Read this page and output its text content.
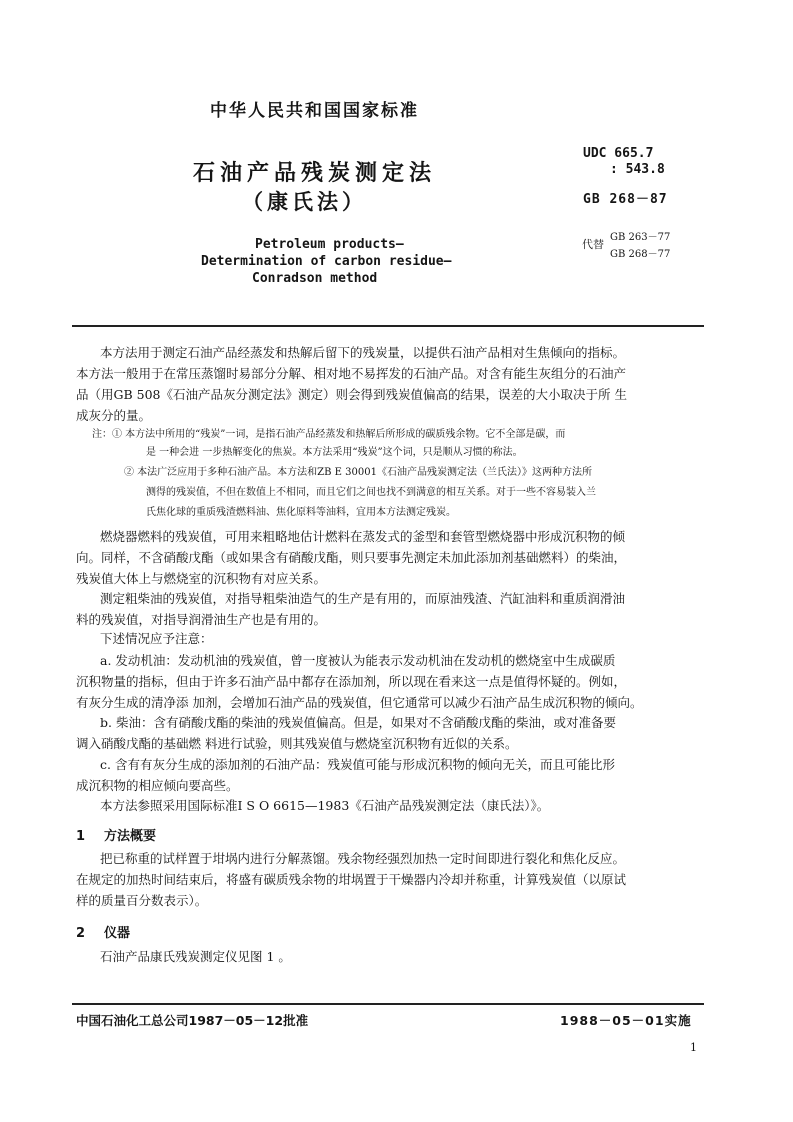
中华人民共和国国家标准
石油产品残炭测定法
（康氏法）
UDC 665.7
: 543.8
GB 268－87
Petroleum products—
Determination of carbon residue—
Conradson method
代替
GB 263－77
GB 268－77
本方法用于测定石油产品经蒸发和热解后留下的残炭量，以提供石油产品相对生焦倾向的指标。
本方法一般用于在常压蒸馏时易部分分解、相对地不易挥发的石油产品。对含有能生灰组分的石油产
品（用GB 508《石油产品灰分测定法》测定）则会得到残炭值偏高的结果，误差的大小取决于所 生
成灰分的量。
注：① 本方法中所用的“残炭”一词，是指石油产品经蒸发和热解后所形成的碳质残余物。它不全部是碳，而
是 一种会进 一步热解变化的焦炭。本方法采用“残炭”这个词，只是顺从习惯的称法。
② 本法广泛应用于多种石油产品。本方法和ZB E 30001《石油产品残炭测定法（兰氏法）》这两种方法所
测得的残炭值，不但在数值上不相同，而且它们之间也找不到满意的相互关系。对于一些不容易装入兰
氏焦化球的重质残渣燃料油、焦化原料等油料，宜用本方法测定残炭。
燃烧器燃料的残炭值，可用来粗略地估计燃料在蒸发式的釜型和套管型燃烧器中形成沉积物的倾
向。同样，不含硝酸戊酯（或如果含有硝酸戊酯，则只要事先测定未加此添加剂基础燃料）的柴油，
残炭值大体上与燃烧室的沉积物有对应关系。
测定粗柴油的残炭值，对指导粗柴油造气的生产是有用的，而原油残渣、汽缸油料和重质润滑油
料的残炭值，对指导润滑油生产也是有用的。
下述情况应予注意：
a. 发动机油：发动机油的残炭值，曾一度被认为能表示发动机油在发动机的燃烧室中生成碳质
沉积物量的指标，但由于许多石油产品中都存在添加剂，所以现在看来这一点是值得怀疑的。例如，
有灰分生成的清净添 加剂，会增加石油产品的残炭值，但它通常可以减少石油产品生成沉积物的倾向。
b. 柴油：含有硝酸戊酯的柴油的残炭值偏高。但是，如果对不含硝酸戊酯的柴油，或对准备要
调入硝酸戊酯的基础燃 料进行试验，则其残炭值与燃烧室沉积物有近似的关系。
c. 含有有灰分生成的添加剂的石油产品：残炭值可能与形成沉积物的倾向无关，而且可能比形
成沉积物的相应倾向要高些。
本方法参照采用国际标准I S O 6615—1983《石油产品残炭测定法（康氏法）》。
1 方法概要
把已称重的试样置于坩埚内进行分解蒸馏。残余物经强烈加热一定时间即进行裂化和焦化反应。
在规定的加热时间结束后，将盛有碳质残余物的坩埚置于干燥器内冷却并称重，计算残炭值（以原试
样的质量百分数表示）。
2 仪器
石油产品康氏残炭测定仪见图 1 。
中国石油化工总公司1987－05－12批准	1988－05－01实施
1
